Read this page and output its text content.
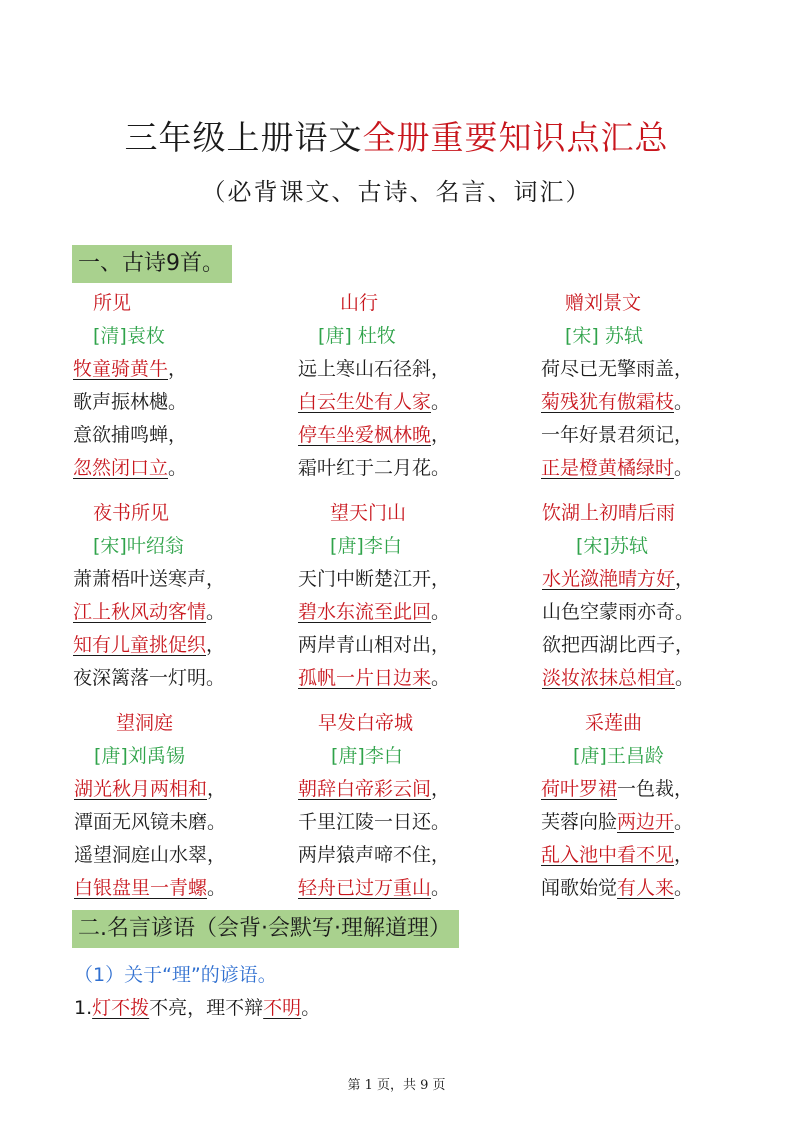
三年级上册语文全册重要知识点汇总
（必背课文、古诗、名言、词汇）
一、古诗9首。
所见
[清]袁枚
牧童骑黄牛，
歌声振林樾。
意欲捕鸣蝉，
忽然闭口立。
山行
[唐] 杜牧
远上寒山石径斜，
白云生处有人家。
停车坐爱枫林晚，
霜叶红于二月花。
赠刘景文
[宋] 苏轼
荷尽已无擎雨盖，
菊残犹有傲霜枝。
一年好景君须记，
正是橙黄橘绿时。
夜书所见
[宋]叶绍翁
萧萧梧叶送寒声，
江上秋风动客情。
知有儿童挑促织，
夜深篱落一灯明。
望天门山
[唐]李白
天门中断楚江开，
碧水东流至此回。
两岸青山相对出，
孤帆一片日边来。
饮湖上初晴后雨
[宋]苏轼
水光潋滟晴方好，
山色空蒙雨亦奇。
欲把西湖比西子，
淡妆浓抹总相宜。
望洞庭
[唐]刘禹锡
湖光秋月两相和，
潭面无风镜未磨。
遥望洞庭山水翠，
白银盘里一青螺。
早发白帝城
[唐]李白
朝辞白帝彩云间，
千里江陵一日还。
两岸猿声啼不住，
轻舟已过万重山。
采莲曲
[唐]王昌龄
荷叶罗裙一色裁，
芙蓉向脸两边开。
乱入池中看不见，
闻歌始觉有人来。
二.名言谚语（会背·会默写·理解道理）
（1）关于“理”的谚语。
1.灯不拨不亮，理不辩不明。
第 1 页，共 9 页
